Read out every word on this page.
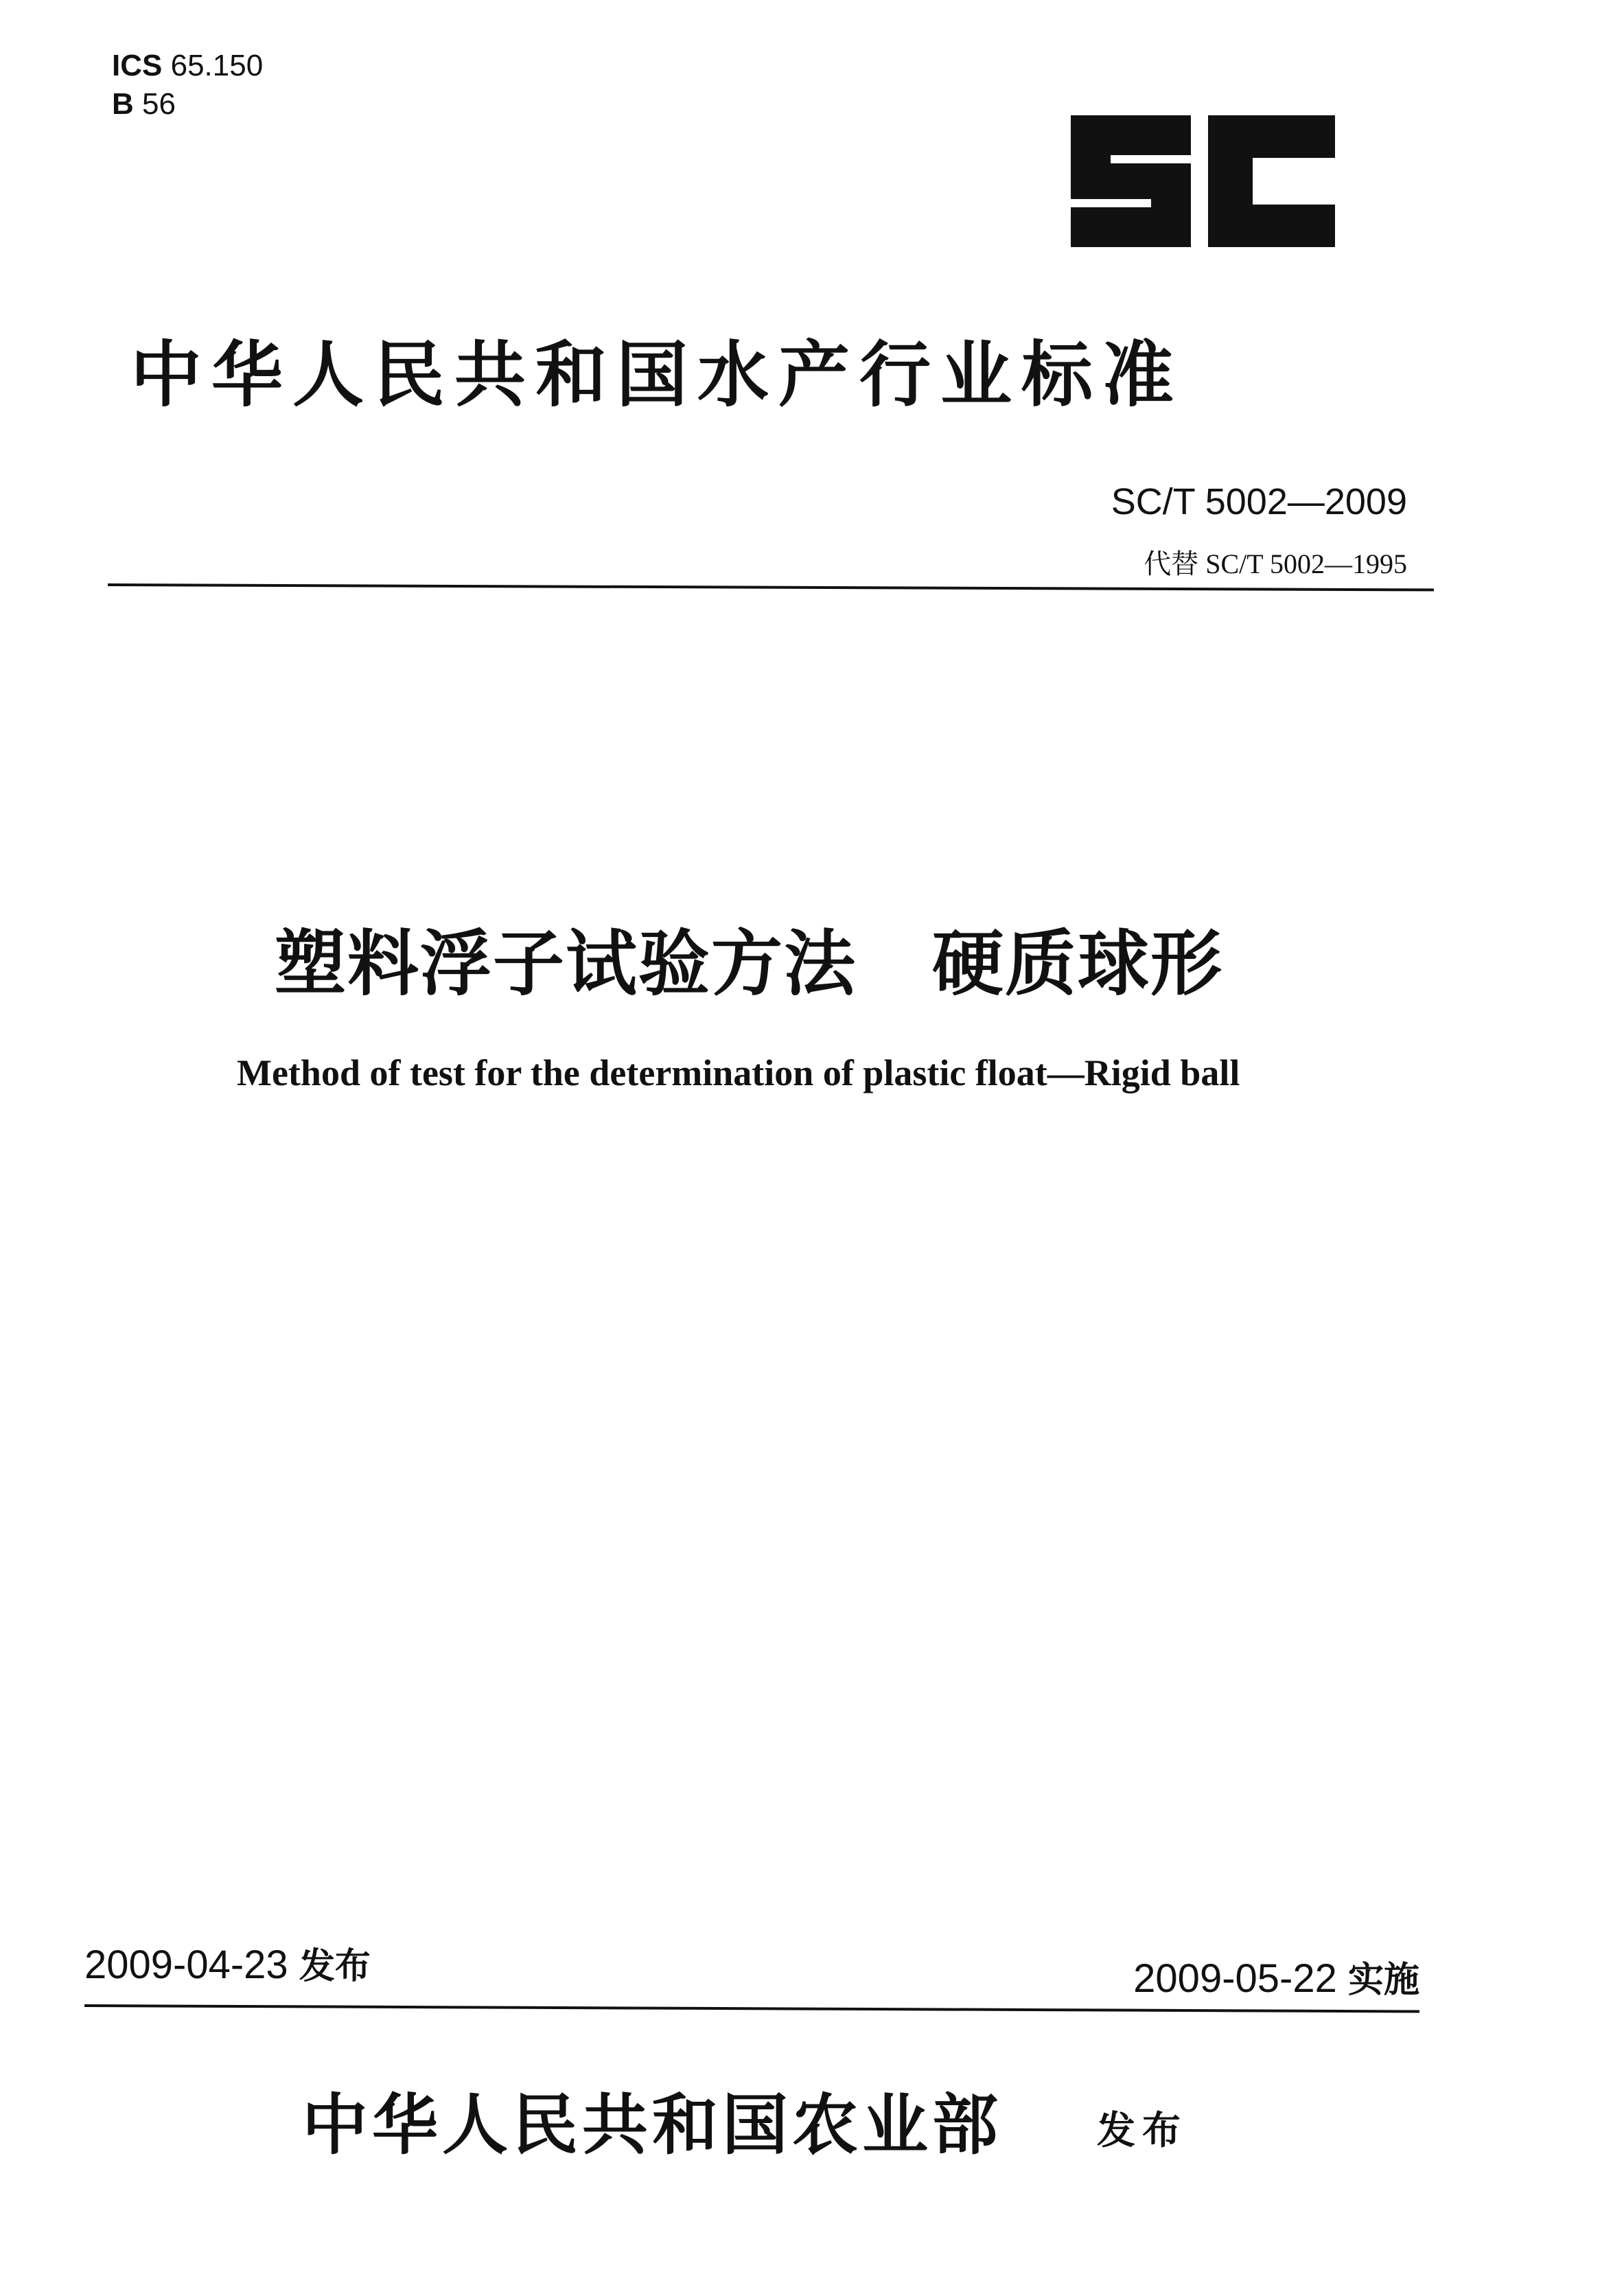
ICS 65.150
B 56
中华人民共和国水产行业标准
SC/T 5002—2009
代替 SC/T 5002—1995
塑料浮子试验方法 硬质球形
Method of test for the determination of plastic float—Rigid ball
2009-04-23 发布	2009-05-22 实施
中华人民共和国农业部 发布
